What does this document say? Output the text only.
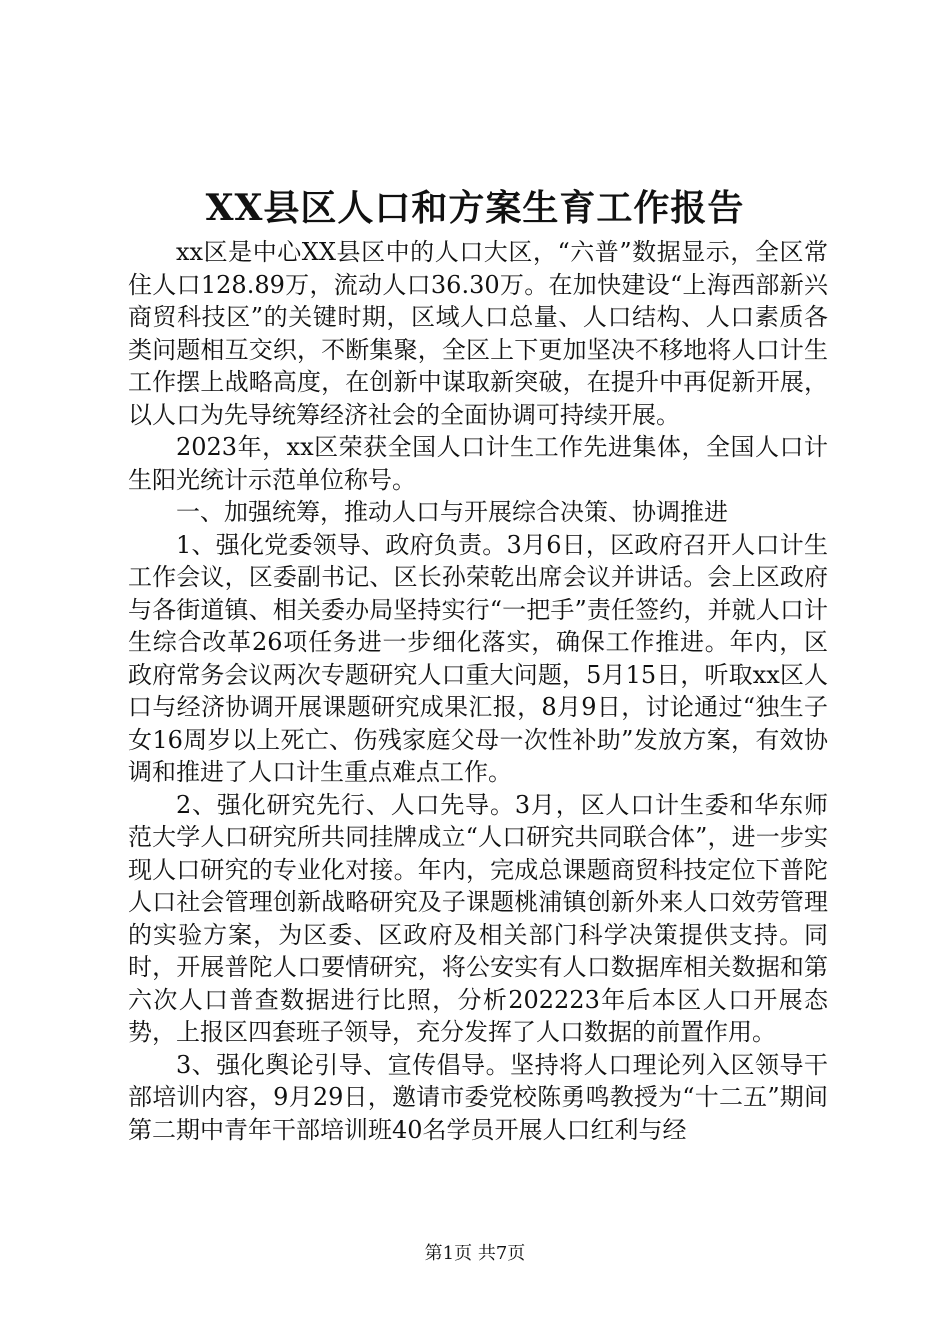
XX县区人口和方案生育工作报告

xx区是中心XX县区中的人口大区，“六普”数据显示，全区常住人口128.89万，流动人口36.30万。在加快建设“上海西部新兴商贸科技区”的关键时期，区域人口总量、人口结构、人口素质各类问题相互交织，不断集聚，全区上下更加坚决不移地将人口计生工作摆上战略高度，在创新中谋取新突破，在提升中再促新开展，以人口为先导统筹经济社会的全面协调可持续开展。

2023年，xx区荣获全国人口计生工作先进集体，全国人口计生阳光统计示范单位称号。

一、加强统筹，推动人口与开展综合决策、协调推进

1、强化党委领导、政府负责。3月6日，区政府召开人口计生工作会议，区委副书记、区长孙荣乾出席会议并讲话。会上区政府与各街道镇、相关委办局坚持实行“一把手”责任签约，并就人口计生综合改革26项任务进一步细化落实，确保工作推进。年内，区政府常务会议两次专题研究人口重大问题，5月15日，听取xx区人口与经济协调开展课题研究成果汇报，8月9日，讨论通过“独生子女16周岁以上死亡、伤残家庭父母一次性补助”发放方案，有效协调和推进了人口计生重点难点工作。

2、强化研究先行、人口先导。3月，区人口计生委和华东师范大学人口研究所共同挂牌成立“人口研究共同联合体”，进一步实现人口研究的专业化对接。年内，完成总课题商贸科技定位下普陀人口社会管理创新战略研究及子课题桃浦镇创新外来人口效劳管理的实验方案，为区委、区政府及相关部门科学决策提供支持。同时，开展普陀人口要情研究，将公安实有人口数据库相关数据和第六次人口普查数据进行比照，分析202223年后本区人口开展态势，上报区四套班子领导，充分发挥了人口数据的前置作用。

3、强化舆论引导、宣传倡导。坚持将人口理论列入区领导干部培训内容，9月29日，邀请市委党校陈勇鸣教授为“十二五”期间第二期中青年干部培训班40名学员开展人口红利与经

第1页 共7页
